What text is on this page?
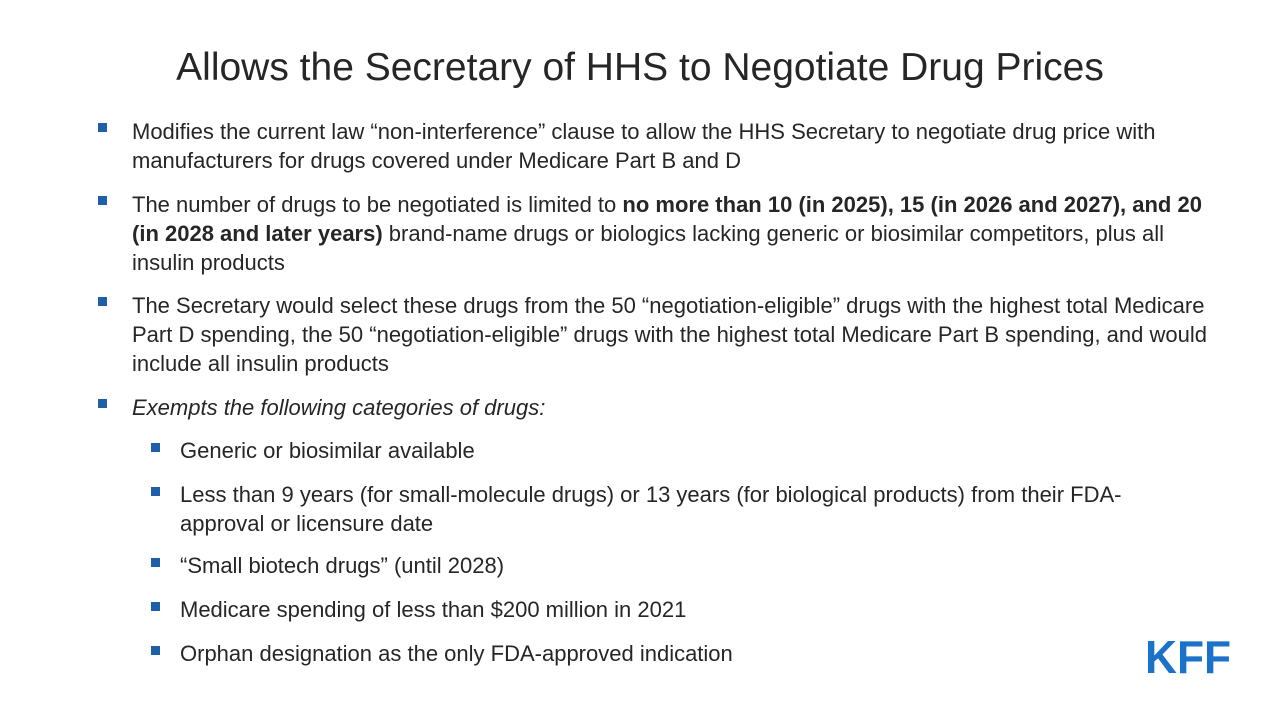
Allows the Secretary of HHS to Negotiate Drug Prices
Modifies the current law “non-interference” clause to allow the HHS Secretary to negotiate drug price with manufacturers for drugs covered under Medicare Part B and D
The number of drugs to be negotiated is limited to no more than 10 (in 2025), 15 (in 2026 and 2027), and 20 (in 2028 and later years) brand-name drugs or biologics lacking generic or biosimilar competitors, plus all insulin products
The Secretary would select these drugs from the 50 “negotiation-eligible” drugs with the highest total Medicare Part D spending, the 50 “negotiation-eligible” drugs with the highest total Medicare Part B spending, and would include all insulin products
Exempts the following categories of drugs:
Generic or biosimilar available
Less than 9 years (for small-molecule drugs) or 13 years (for biological products) from their FDA-approval or licensure date
“Small biotech drugs” (until 2028)
Medicare spending of less than $200 million in 2021
Orphan designation as the only FDA-approved indication	KFF
